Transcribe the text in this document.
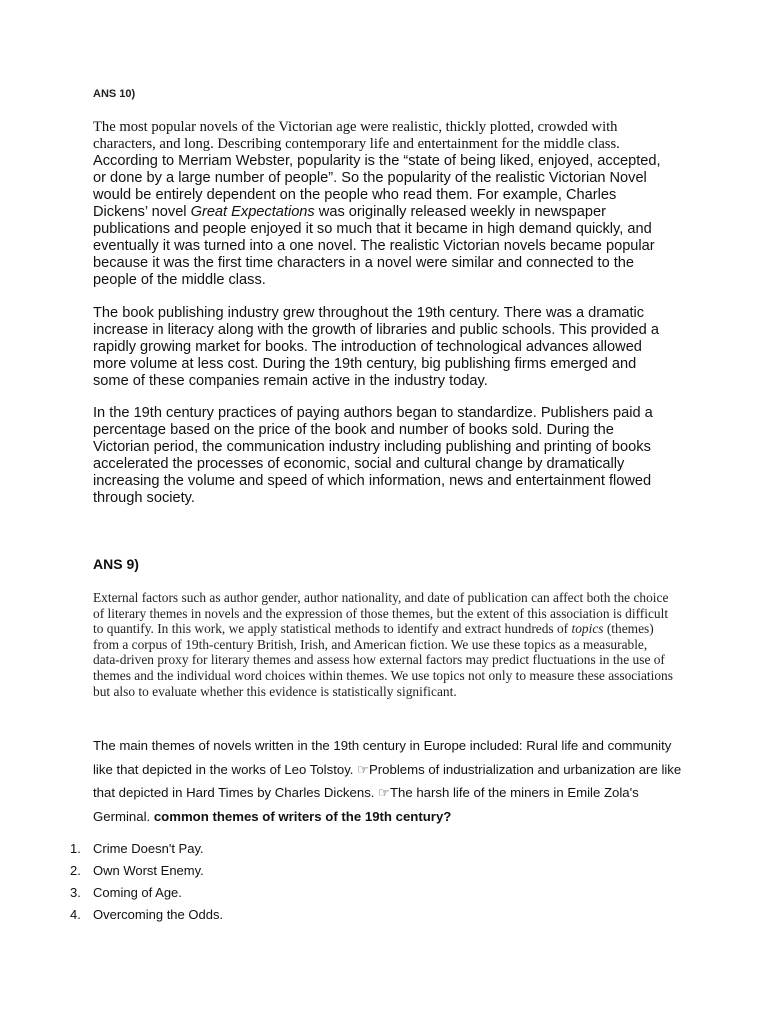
ANS 10)
The most popular novels of the Victorian age were realistic, thickly plotted, crowded with characters, and long. Describing contemporary life and entertainment for the middle class. According to Merriam Webster, popularity is the “state of being liked, enjoyed, accepted, or done by a large number of people”. So the popularity of the realistic Victorian Novel would be entirely dependent on the people who read them. For example, Charles Dickens’ novel Great Expectations was originally released weekly in newspaper publications and people enjoyed it so much that it became in high demand quickly, and eventually it was turned into a one novel. The realistic Victorian novels became popular because it was the first time characters in a novel were similar and connected to the people of the middle class.
The book publishing industry grew throughout the 19th century. There was a dramatic increase in literacy along with the growth of libraries and public schools. This provided a rapidly growing market for books. The introduction of technological advances allowed more volume at less cost. During the 19th century, big publishing firms emerged and some of these companies remain active in the industry today.
In the 19th century practices of paying authors began to standardize. Publishers paid a percentage based on the price of the book and number of books sold. During the Victorian period, the communication industry including publishing and printing of books accelerated the processes of economic, social and cultural change by dramatically increasing the volume and speed of which information, news and entertainment flowed through society.
ANS 9)
External factors such as author gender, author nationality, and date of publication can affect both the choice of literary themes in novels and the expression of those themes, but the extent of this association is difficult to quantify. In this work, we apply statistical methods to identify and extract hundreds of topics (themes) from a corpus of 19th-century British, Irish, and American fiction. We use these topics as a measurable, data-driven proxy for literary themes and assess how external factors may predict fluctuations in the use of themes and the individual word choices within themes. We use topics not only to measure these associations but also to evaluate whether this evidence is statistically significant.
The main themes of novels written in the 19th century in Europe included: Rural life and community like that depicted in the works of Leo Tolstoy. ☞Problems of industrialization and urbanization are like that depicted in Hard Times by Charles Dickens. ☞The harsh life of the miners in Emile Zola's Germinal. common themes of writers of the 19th century?
1. Crime Doesn't Pay.
2. Own Worst Enemy.
3. Coming of Age.
4. Overcoming the Odds.
